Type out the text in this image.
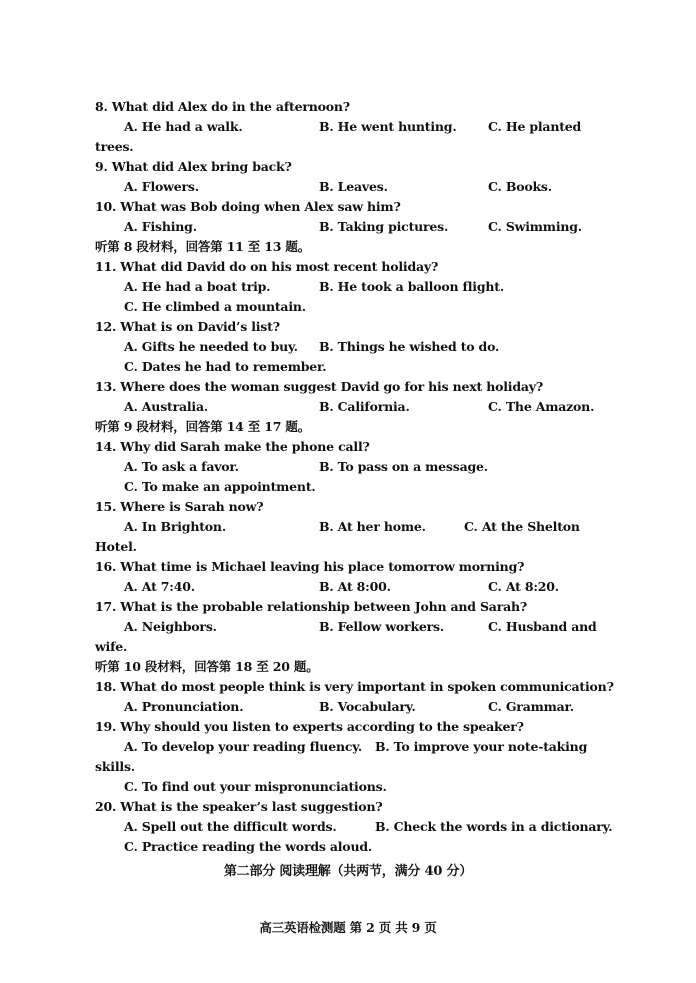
第二部分 阅读理解（共两节，满分 40 分）
高三英语检测题 第 2 页 共 9 页
8. What did Alex do in the afternoon?
A. He had a walk.	B. He went hunting.	C. He planted
trees.
9. What did Alex bring back?
A. Flowers.	B. Leaves.	C. Books.
10. What was Bob doing when Alex saw him?
A. Fishing.	B. Taking pictures.	C. Swimming.
听第 8 段材料，回答第 11 至 13 题。
11. What did David do on his most recent holiday?
A. He had a boat trip.	B. He took a balloon flight.
C. He climbed a mountain.
12. What is on David’s list?
A. Gifts he needed to buy. B. Things he wished to do.
C. Dates he had to remember.
13. Where does the woman suggest David go for his next holiday?
A. Australia.	B. California.	C. The Amazon.
听第 9 段材料，回答第 14 至 17 题。
14. Why did Sarah make the phone call?
A. To ask a favor.	B. To pass on a message.
C. To make an appointment.
15. Where is Sarah now?
A. In Brighton.	B. At her home.	C. At the Shelton
Hotel.
16. What time is Michael leaving his place tomorrow morning?
A. At 7:40.	B. At 8:00.	C. At 8:20.
17. What is the probable relationship between John and Sarah?
A. Neighbors.	B. Fellow workers.	C. Husband and
wife.
听第 10 段材料，回答第 18 至 20 题。
18. What do most people think is very important in spoken communication?
A. Pronunciation.	B. Vocabulary.	C. Grammar.
19. Why should you listen to experts according to the speaker?
A. To develop your reading fluency. B. To improve your note-taking
skills.
C. To find out your mispronunciations.
20. What is the speaker’s last suggestion?
A. Spell out the difficult words.	B. Check the words in a dictionary.
C. Practice reading the words aloud.
